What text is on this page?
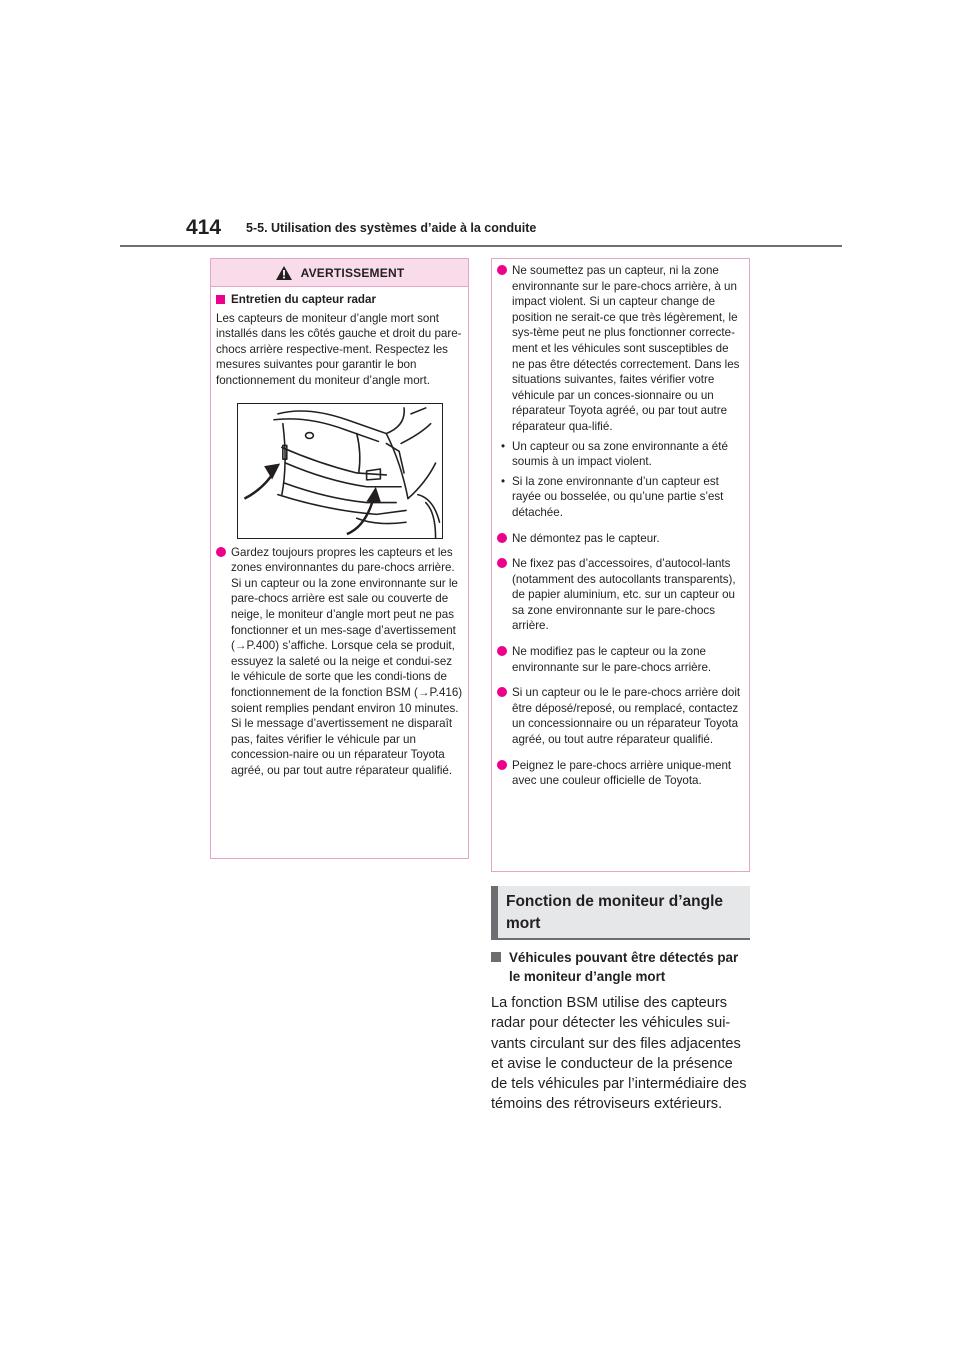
414 5-5. Utilisation des systèmes d’aide à la conduite
AVERTISSEMENT
Entretien du capteur radar
Les capteurs de moniteur d’angle mort sont installés dans les côtés gauche et droit du pare-chocs arrière respective-ment. Respectez les mesures suivantes pour garantir le bon fonctionnement du moniteur d’angle mort.
Gardez toujours propres les capteurs et les zones environnantes du pare-chocs arrière. Si un capteur ou la zone environnante sur le pare-chocs arrière est sale ou couverte de neige, le moniteur d’angle mort peut ne pas fonctionner et un mes-sage d’avertissement (→P.400) s’affiche. Lorsque cela se produit, essuyez la saleté ou la neige et condui-sez le véhicule de sorte que les condi-tions de fonctionnement de la fonction BSM (→P.416) soient remplies pendant environ 10 minutes. Si le message d’avertissement ne disparaît pas, faites vérifier le véhicule par un concession-naire ou un réparateur Toyota agréé, ou par tout autre réparateur qualifié.
Ne soumettez pas un capteur, ni la zone environnante sur le pare-chocs arrière, à un impact violent. Si un capteur change de position ne serait-ce que très légèrement, le sys-tème peut ne plus fonctionner correcte-ment et les véhicules sont susceptibles de ne pas être détectés correctement. Dans les situations suivantes, faites vérifier votre véhicule par un conces-sionnaire ou un réparateur Toyota agréé, ou par tout autre réparateur qua-lifié.
• Un capteur ou sa zone environnante a été soumis à un impact violent.
• Si la zone environnante d’un capteur est rayée ou bosselée, ou qu’une partie s’est détachée.
Ne démontez pas le capteur.
Ne fixez pas d’accessoires, d’autocol-lants (notamment des autocollants transparents), de papier aluminium, etc. sur un capteur ou sa zone environnante sur le pare-chocs arrière.
Ne modifiez pas le capteur ou la zone environnante sur le pare-chocs arrière.
Si un capteur ou le le pare-chocs arrière doit être déposé/reposé, ou remplacé, contactez un concessionnaire ou un réparateur Toyota agréé, ou tout autre réparateur qualifié.
Peignez le pare-chocs arrière unique-ment avec une couleur officielle de Toyota.
Fonction de moniteur d’angle mort
Véhicules pouvant être détectés par le moniteur d’angle mort
La fonction BSM utilise des capteurs radar pour détecter les véhicules sui-vants circulant sur des files adjacentes et avise le conducteur de la présence de tels véhicules par l’intermédiaire des témoins des rétroviseurs extérieurs.
